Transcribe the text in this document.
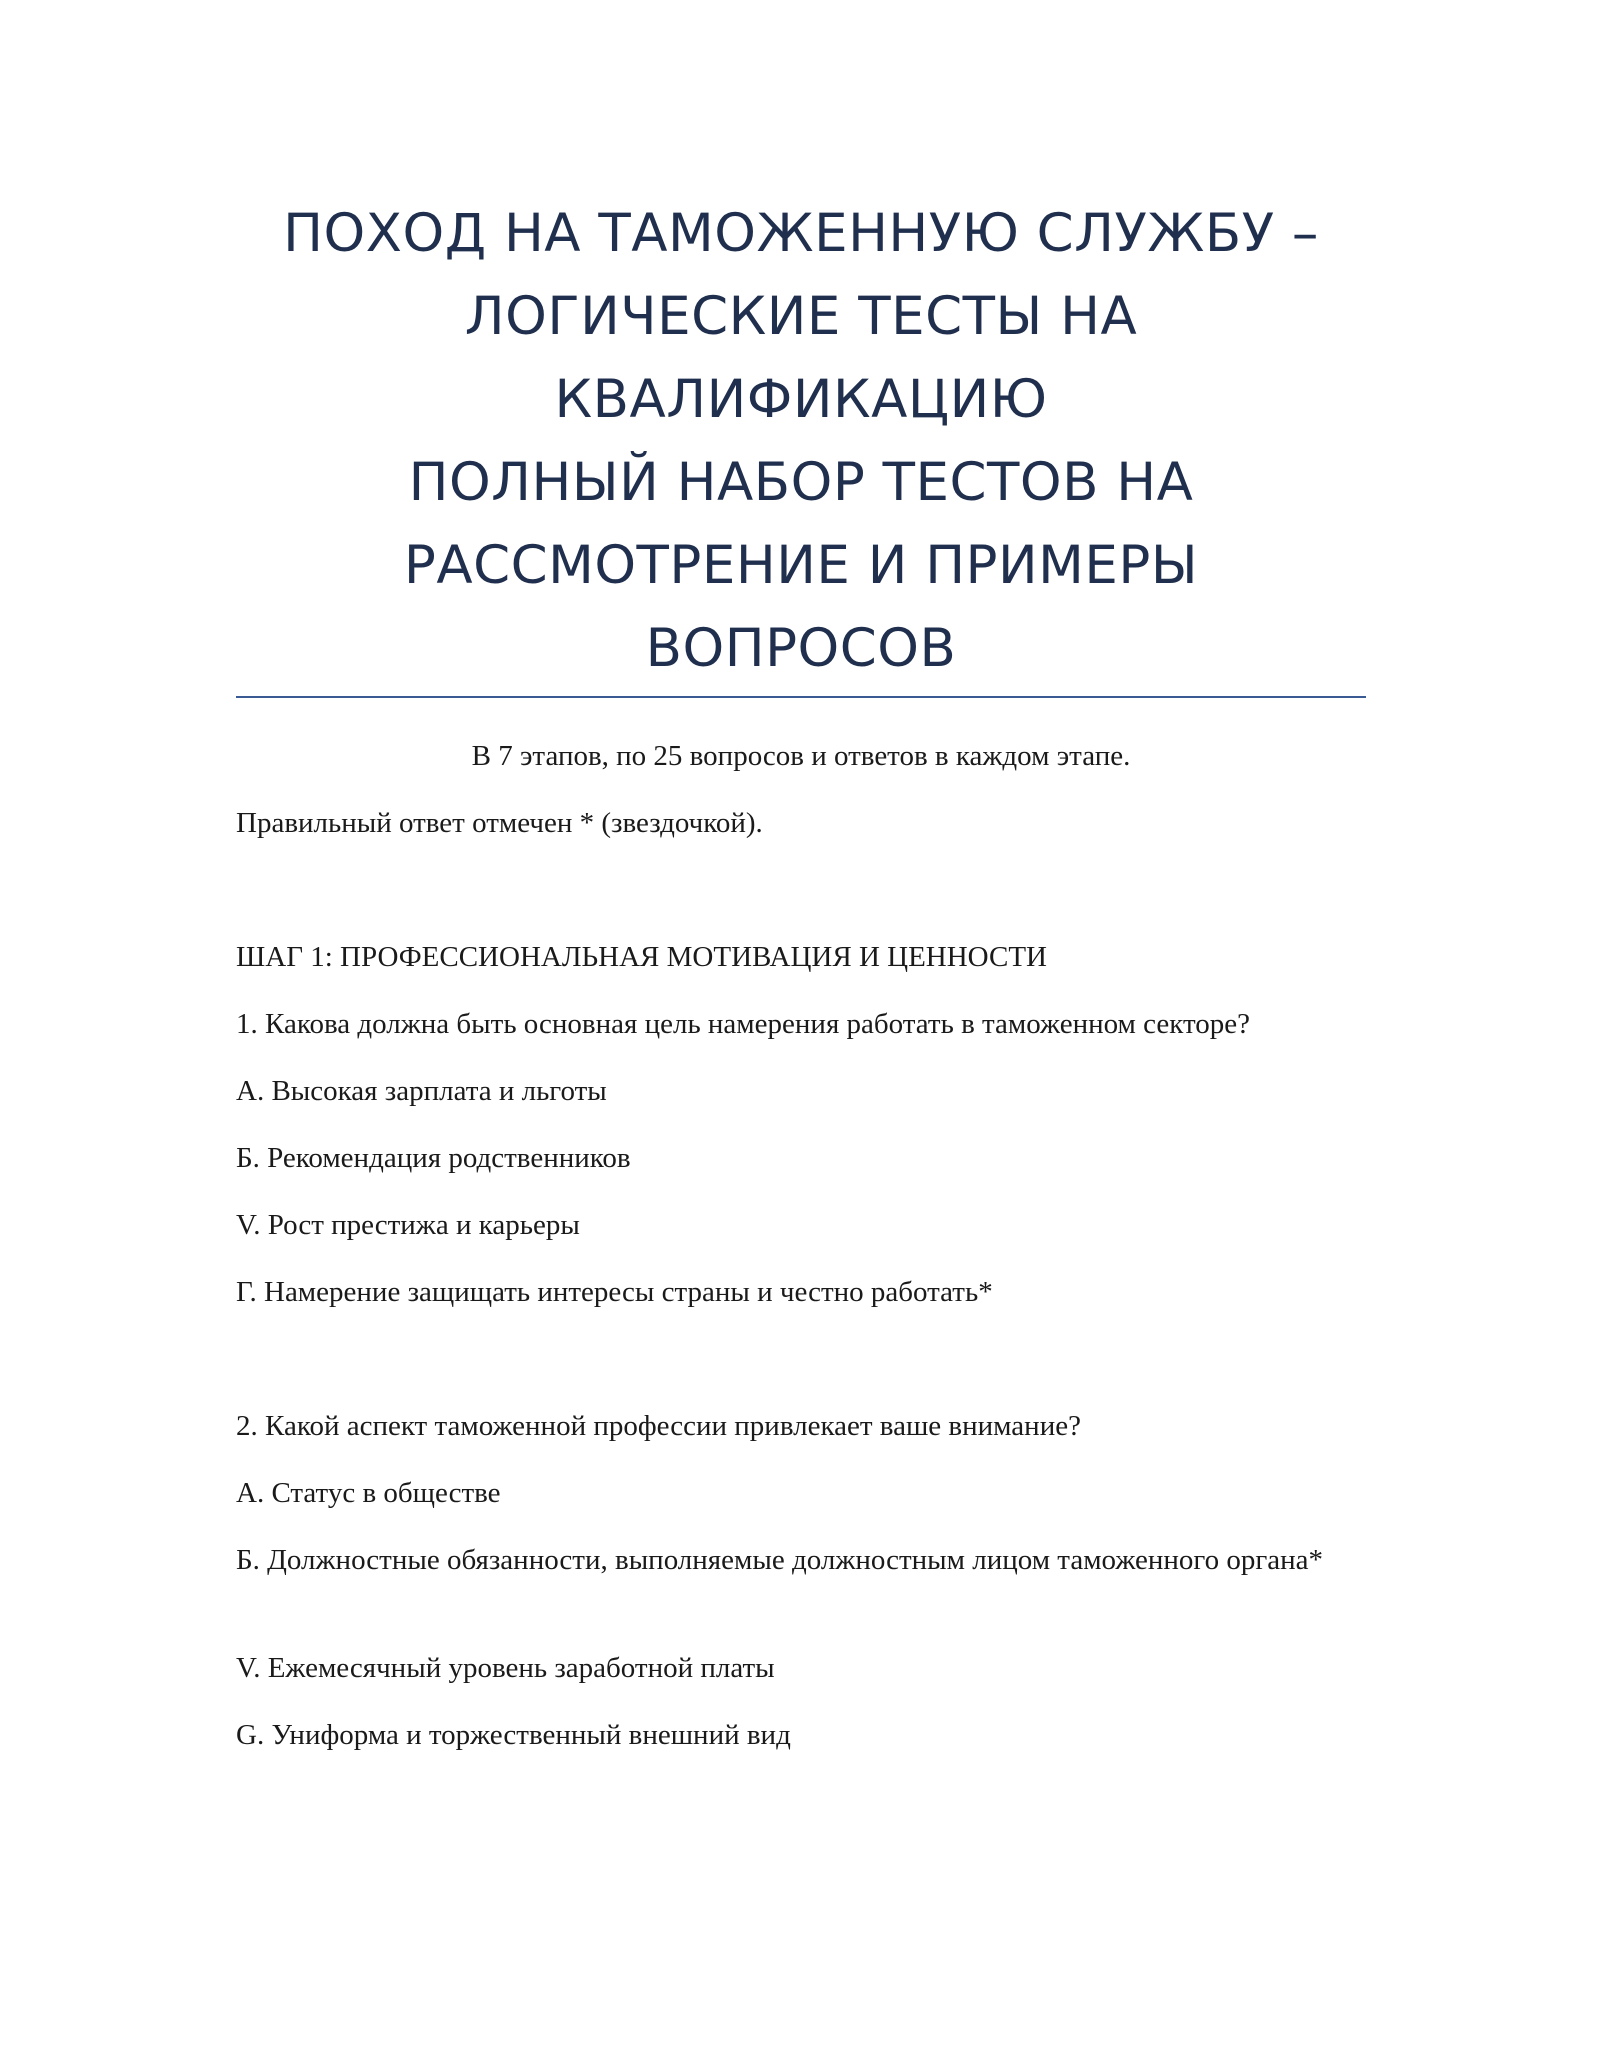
ПОХОД НА ТАМОЖЕННУЮ СЛУЖБУ –
ЛОГИЧЕСКИЕ ТЕСТЫ НА
КВАЛИФИКАЦИЮ
ПОЛНЫЙ НАБОР ТЕСТОВ НА
РАССМОТРЕНИЕ И ПРИМЕРЫ
ВОПРОСОВ
В 7 этапов, по 25 вопросов и ответов в каждом этапе.
Правильный ответ отмечен * (звездочкой).
ШАГ 1: ПРОФЕССИОНАЛЬНАЯ МОТИВАЦИЯ И ЦЕННОСТИ
1. Какова должна быть основная цель намерения работать в таможенном секторе?
А. Высокая зарплата и льготы
Б. Рекомендация родственников
V. Рост престижа и карьеры
Г. Намерение защищать интересы страны и честно работать*
2. Какой аспект таможенной профессии привлекает ваше внимание?
А. Статус в обществе
Б. Должностные обязанности, выполняемые должностным лицом таможенного органа*
V. Ежемесячный уровень заработной платы
G. Униформа и торжественный внешний вид
